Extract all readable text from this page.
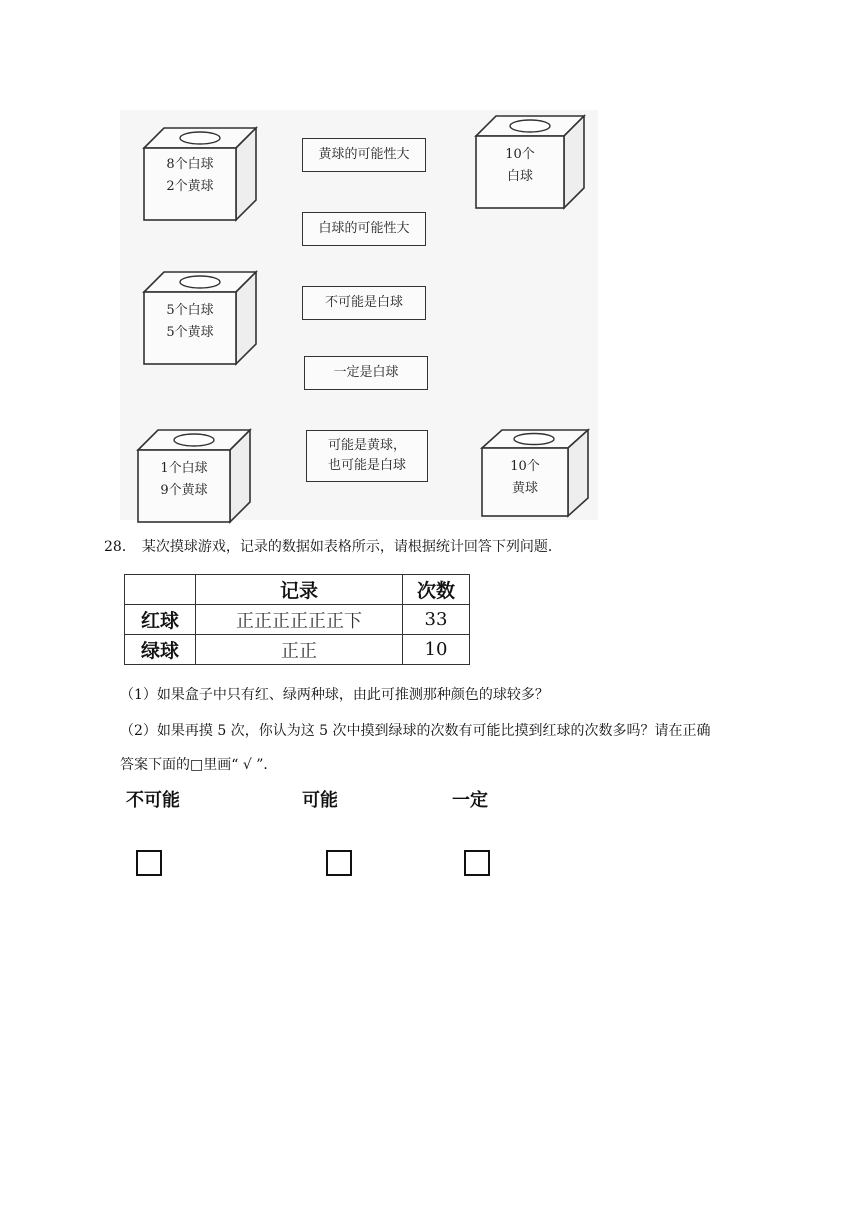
8个白球
2个黄球
5个白球
5个黄球
1个白球
9个黄球
黄球的可能性大
白球的可能性大
不可能是白球
一定是白球
可能是黄球，
也可能是白球
10个
白球
10个
黄球
28． 某次摸球游戏，记录的数据如表格所示，请根据统计回答下列问题．
	记录	次数
红球	正正正正正正下	33
绿球	正正	10
（1）如果盒子中只有红、绿两种球，由此可推测那种颜色的球较多？
（2）如果再摸 5 次，你认为这 5 次中摸到绿球的次数有可能比摸到红球的次数多吗？请在正确
答案下面的□里画“ √ ”．
不可能	可能	一定
